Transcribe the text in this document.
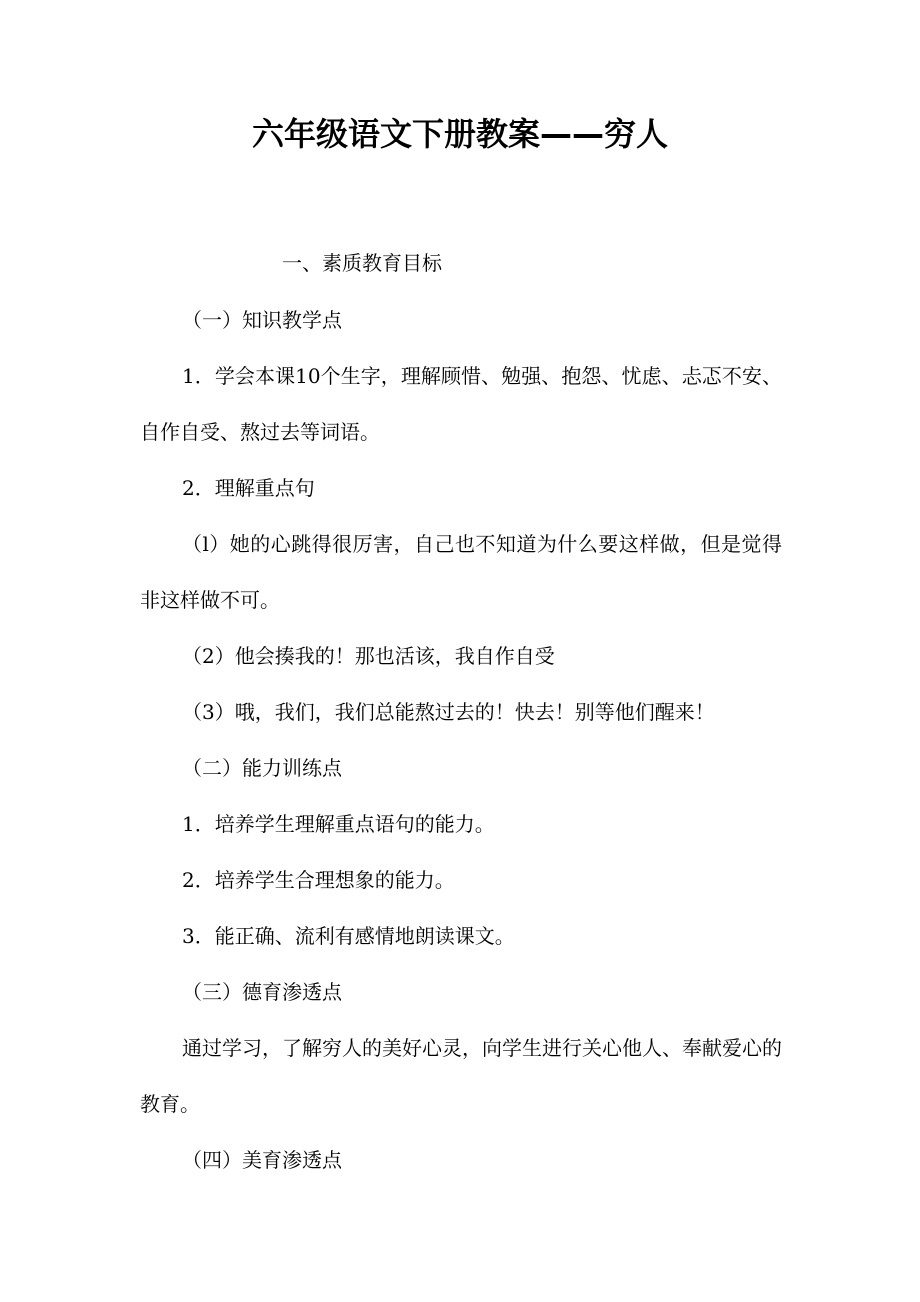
六年级语文下册教案——穷人
一、素质教育目标
（一）知识教学点
1．学会本课10个生字，理解顾惜、勉强、抱怨、忧虑、忐忑不安、自作自受、熬过去等词语。
2．理解重点句
（l）她的心跳得很厉害，自己也不知道为什么要这样做，但是觉得非这样做不可。
（2）他会揍我的！那也活该，我自作自受
（3）哦，我们，我们总能熬过去的！快去！别等他们醒来！
（二）能力训练点
1．培养学生理解重点语句的能力。
2．培养学生合理想象的能力。
3．能正确、流利有感情地朗读课文。
（三）德育渗透点
通过学习，了解穷人的美好心灵，向学生进行关心他人、奉献爱心的教育。
（四）美育渗透点
